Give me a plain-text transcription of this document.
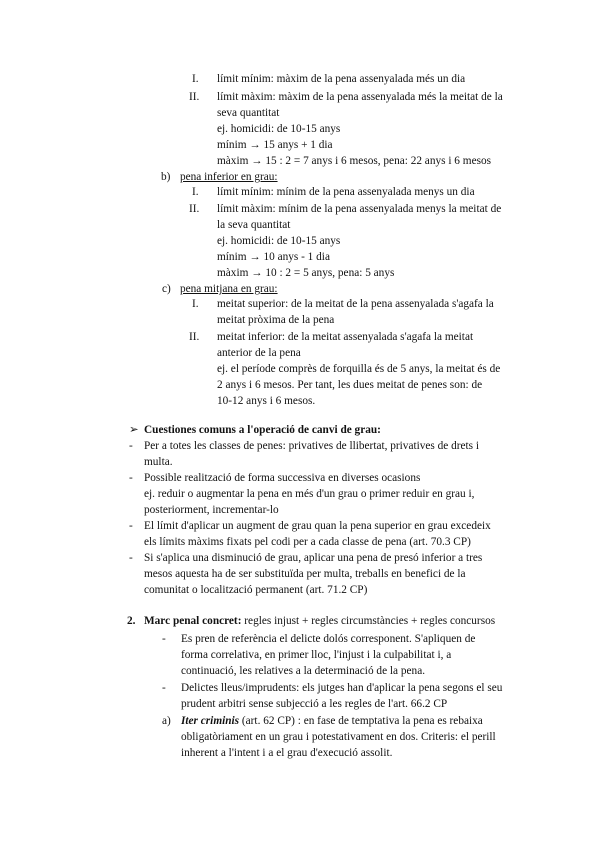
I. límit mínim: màxim de la pena assenyalada més un dia
II. límit màxim: màxim de la pena assenyalada més la meitat de la
seva quantitat
ej. homicidi: de 10-15 anys
mínim → 15 anys + 1 dia
màxim → 15 : 2 = 7 anys i 6 mesos, pena: 22 anys i 6 mesos
b) pena inferior en grau:
I. límit mínim: mínim de la pena assenyalada menys un dia
II. límit màxim: mínim de la pena assenyalada menys la meitat de
la seva quantitat
ej. homicidi: de 10-15 anys
mínim → 10 anys - 1 dia
màxim → 10 : 2 = 5 anys, pena: 5 anys
c) pena mitjana en grau:
I. meitat superior: de la meitat de la pena assenyalada s'agafa la
meitat pròxima de la pena
II. meitat inferior: de la meitat assenyalada s'agafa la meitat
anterior de la pena
ej. el període comprès de forquilla és de 5 anys, la meitat és de
2 anys i 6 mesos. Per tant, les dues meitat de penes son: de
10-12 anys i 6 mesos.
➢ Cuestiones comuns a l'operació de canvi de grau:
- Per a totes les classes de penes: privatives de llibertat, privatives de drets i
multa.
- Possible realització de forma successiva en diverses ocasions
ej. reduir o augmentar la pena en més d'un grau o primer reduir en grau i,
posteriorment, incrementar-lo
- El límit d'aplicar un augment de grau quan la pena superior en grau excedeix
els límits màxims fixats pel codi per a cada classe de pena (art. 70.3 CP)
- Si s'aplica una disminució de grau, aplicar una pena de presó inferior a tres
mesos aquesta ha de ser substituïda per multa, treballs en benefici de la
comunitat o localització permanent (art. 71.2 CP)
2. Marc penal concret: regles injust + regles circumstàncies + regles concursos
- Es pren de referència el delicte dolós corresponent. S'apliquen de
forma correlativa, en primer lloc, l'injust i la culpabilitat i, a
continuació, les relatives a la determinació de la pena.
- Delictes lleus/imprudents: els jutges han d'aplicar la pena segons el seu
prudent arbitri sense subjecció a les regles de l'art. 66.2 CP
a) Iter criminis (art. 62 CP) : en fase de temptativa la pena es rebaixa
obligatòriament en un grau i potestativament en dos. Criteris: el perill
inherent a l'intent i a el grau d'execució assolit.
